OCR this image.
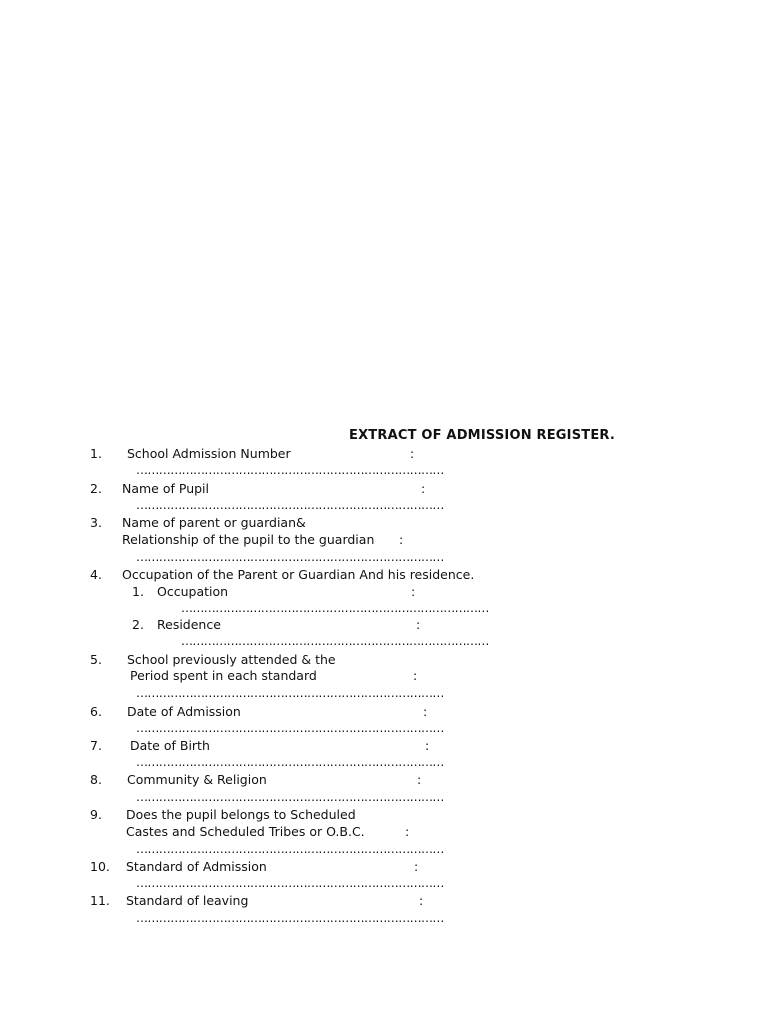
EXTRACT OF ADMISSION REGISTER.
1. School Admission Number	:
………………………………………………………………………
2. Name of Pupil	:
………………………………………………………………………
3. Name of parent or guardian&
Relationship of the pupil to the guardian :
………………………………………………………………………
4. Occupation of the Parent or Guardian And his residence.
1. Occupation	:
………………………………………………………………………
2. Residence	:
………………………………………………………………………
5. School previously attended & the
Period spent in each standard	:
………………………………………………………………………
6. Date of Admission	:
………………………………………………………………………
7. Date of Birth	:
………………………………………………………………………
8. Community & Religion	:
………………………………………………………………………
9. Does the pupil belongs to Scheduled
Castes and Scheduled Tribes or O.B.C.	:
………………………………………………………………………
10. Standard of Admission	:
………………………………………………………………………
11. Standard of leaving	:
………………………………………………………………………
